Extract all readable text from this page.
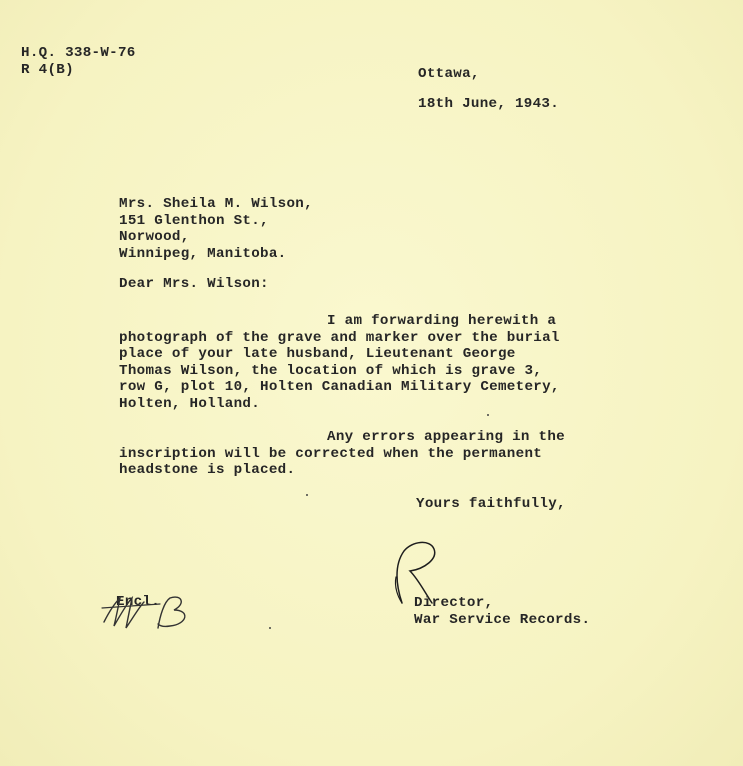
H.Q. 338-W-76
R 4(B)	Ottawa,
18th June, 1943.
Mrs. Sheila M. Wilson,
151 Glenthon St.,
Norwood,
Winnipeg, Manitoba.
Dear Mrs. Wilson:
I am forwarding herewith a
photograph of the grave and marker over the burial
place of your late husband, Lieutenant George
Thomas Wilson, the location of which is grave 3,
row G, plot 10, Holten Canadian Military Cemetery,
Holten, Holland.
Any errors appearing in the
inscription will be corrected when the permanent
headstone is placed.
Yours faithfully,
Director,
War Service Records.
Encl.
